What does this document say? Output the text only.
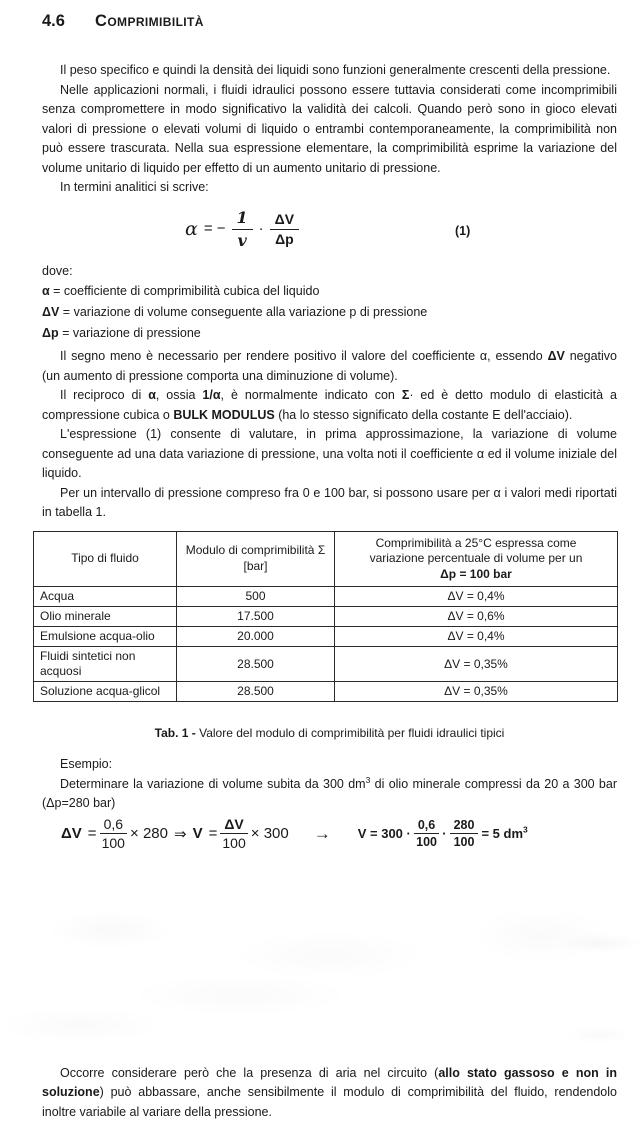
4.6 Comprimibilità

Il peso specifico e quindi la densità dei liquidi sono funzioni generalmente crescenti della pressione.

Nelle applicazioni normali, i fluidi idraulici possono essere tuttavia considerati come incomprimibili senza compromettere in modo significativo la validità dei calcoli. Quando però sono in gioco elevati valori di pressione o elevati volumi di liquido o entrambi contemporaneamente, la comprimibilità non può essere trascurata. Nella sua espressione elementare, la comprimibilità esprime la variazione del volume unitario di liquido per effetto di un aumento unitario di pressione.

In termini analitici si scrive:

α = − $\frac{1}{v} \cdot \frac{\Delta V}{\Delta p}$	(1)

dove:

α = coefficiente di comprimibilità cubica del liquido
ΔV = variazione di volume conseguente alla variazione p di pressione
Δp = variazione di pressione

Il segno meno è necessario per rendere positivo il valore del coefficiente α, essendo ΔV negativo (un aumento di pressione comporta una diminuzione di volume).

Il reciproco di α, ossia 1/α, è normalmente indicato con Σ· ed è detto modulo di elasticità a compressione cubica o BULK MODULUS (ha lo stesso significato della costante E dell'acciaio).

L'espressione (1) consente di valutare, in prima approssimazione, la variazione di volume conseguente ad una data variazione di pressione, una volta noti il coefficiente α ed il volume iniziale del liquido.

Per un intervallo di pressione compreso fra 0 e 100 bar, si possono usare per α i valori medi riportati in tabella 1.

Tipo di fluido	Modulo di comprimibilità Σ [bar]	Comprimibilità a 25°C espressa come
variazione percentuale di volume per un
Δp = 100 bar

Acqua	500	ΔV = 0,4%
Olio minerale	17.500	ΔV = 0,6%
Emulsione acqua-olio	20.000	ΔV = 0,4%
Fluidi sintetici non acquosi	28.500	ΔV = 0,35%
Soluzione acqua-glicol	28.500	ΔV = 0,35%
Tab. 1 - Valore del modulo di comprimibilità per fluidi idraulici tipici

Esempio:

Determinare la variazione di volume subita da 300 $dm^3$ di olio minerale compressi da 20 a 300 bar (Δp=280 bar)

$\Delta V = \frac{0,6}{100} \times 280$ ⇒ $V = \frac{\Delta V}{100} \times 300 \to V = 300 \cdot \frac{0,6}{100} \cdot \frac{280}{100} = 5$ $dm^3$

Occorre considerare però che la presenza di aria nel circuito (allo stato gassoso e non in soluzione) può abbassare, anche sensibilmente il modulo di comprimibilità del fluido, rendendolo inoltre variabile al variare della pressione.
